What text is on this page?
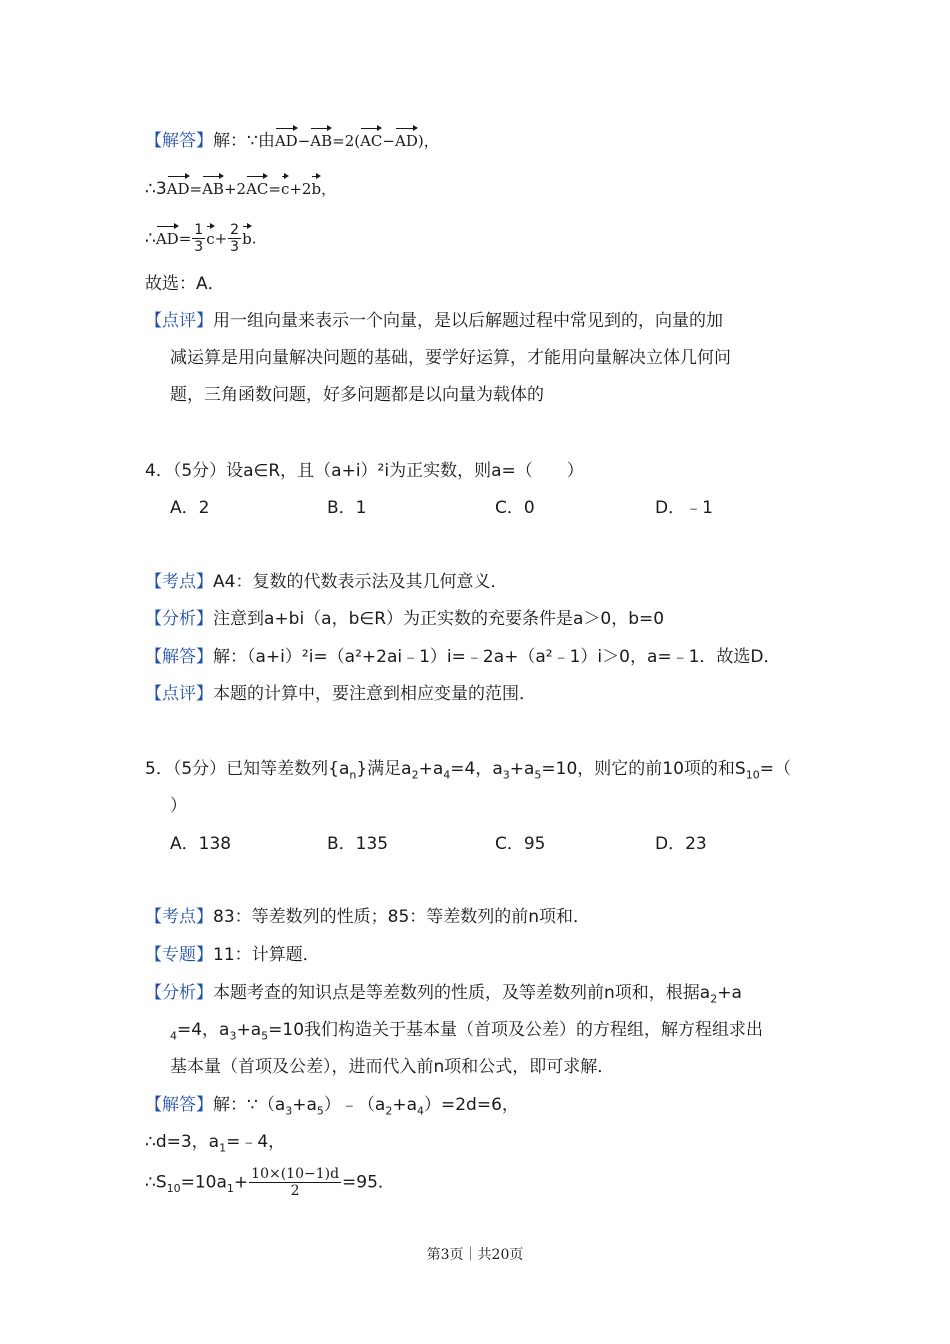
【解答】解：∵由AD−AB=2(AC−AD)，
∴3AD=AB+2AC=c+2b，
∴AD= $\frac{1}{3} c+ \frac{2}{3} b$.
故选：A．
【点评】用一组向量来表示一个向量，是以后解题过程中常见到的，向量的加
减运算是用向量解决问题的基础，要学好运算，才能用向量解决立体几何问
题，三角函数问题，好多问题都是以向量为载体的
4．（5分）设a∈R，且（a+i）²i为正实数，则a=（　　）
A．2	B．1	C．0	D．﹣1
【考点】A4：复数的代数表示法及其几何意义．
【分析】注意到a+bi（a，b∈R）为正实数的充要条件是a＞0，b=0
【解答】解：（a+i）²i=（a²+2ai﹣1）i=﹣2a+（a²﹣1）i＞0，a=﹣1．故选D．
【点评】本题的计算中，要注意到相应变量的范围．
5．（5分）已知等差数列$\{a_n\}$满足$a_2+a_4=4$，$a_3+a_5=10$，则它的前10项的和$S_{10}=$（
）
A．138	B．135	C．95	D．23
【考点】83：等差数列的性质；85：等差数列的前n项和．
【专题】11：计算题．
【分析】本题考查的知识点是等差数列的性质，及等差数列前n项和，根据$a_2+a$
$_4$=4，$a_3+a_5=10$我们构造关于基本量（首项及公差）的方程组，解方程组求出
基本量（首项及公差），进而代入前n项和公式，即可求解．
【解答】解：$\because(a_3+a_5)﹣(a_2+a_4)=2d=6$，
∴d=3，$a_1=﹣4$，
$\therefore S_{10}=10a_1+ \frac{10\times(10-1)d}{2} =95$．
第3页｜共20页
